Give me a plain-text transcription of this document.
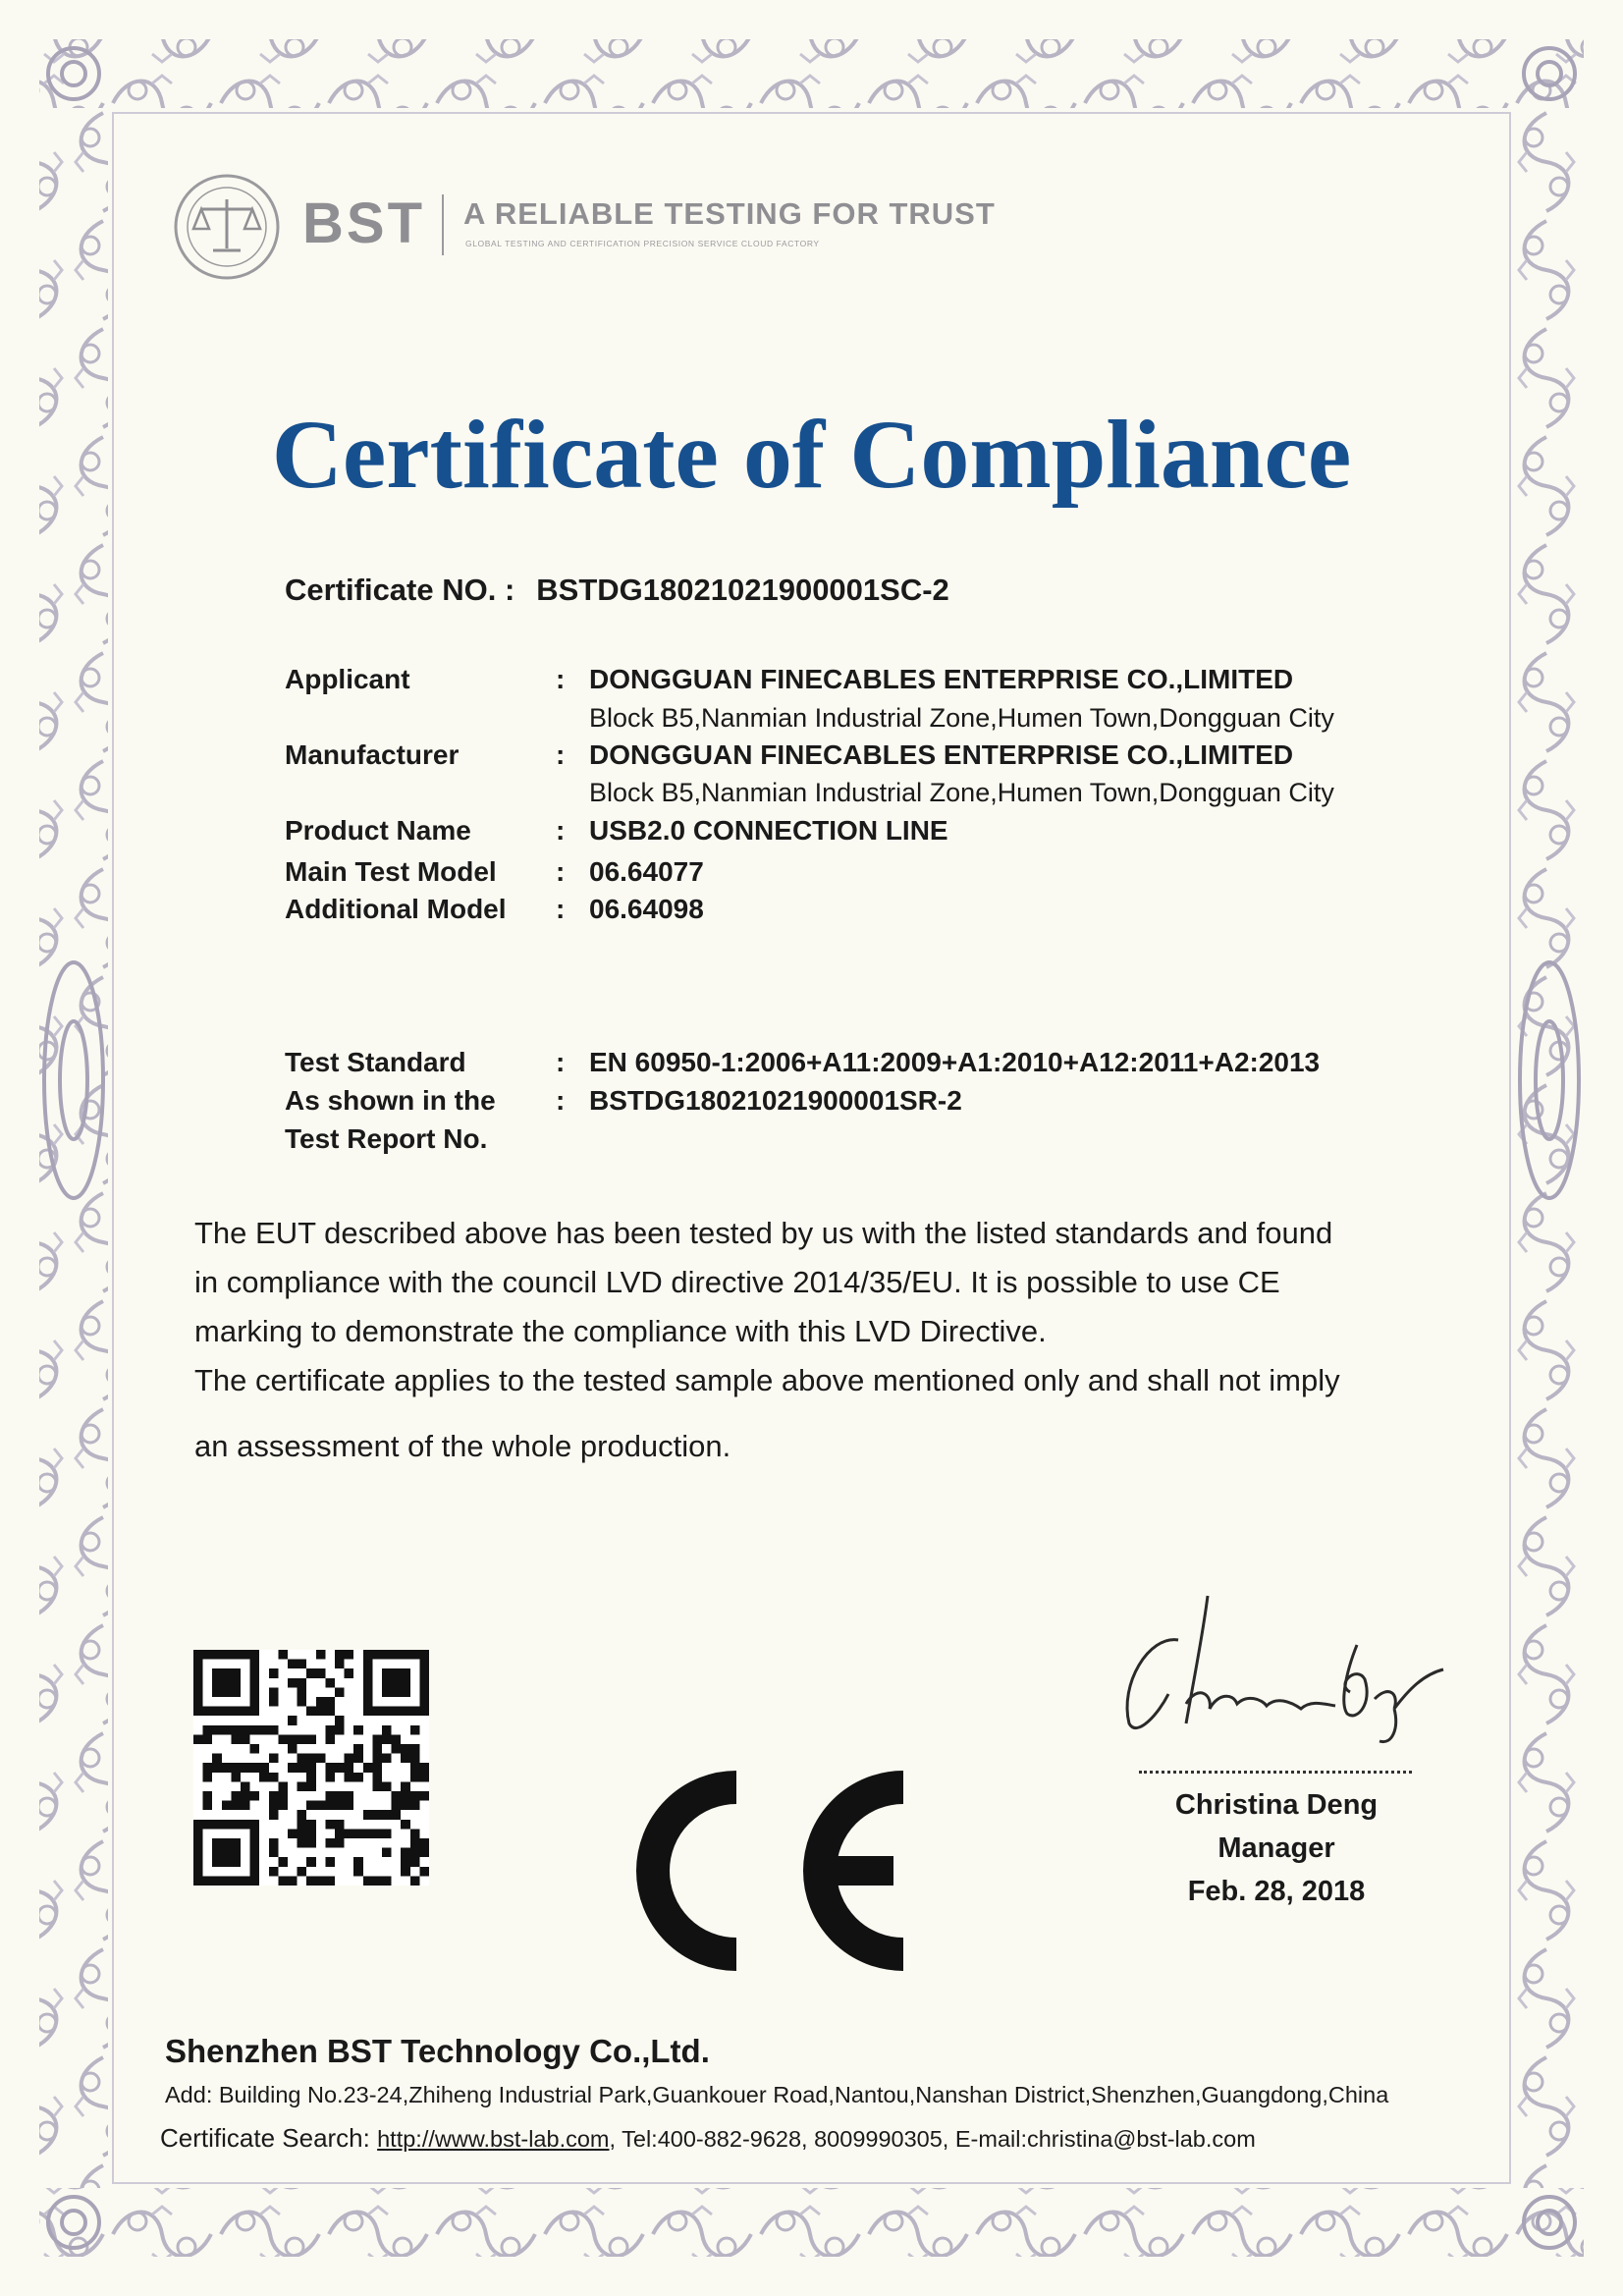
BST A RELIABLE TESTING FOR TRUST
GLOBAL TESTING AND CERTIFICATION PRECISION SERVICE CLOUD FACTORY
Certificate of Compliance
Certificate NO. : BSTDG18021021900001SC-2
Applicant	: DONGGUAN FINECABLES ENTERPRISE CO.,LIMITED
Block B5,Nanmian Industrial Zone,Humen Town,Dongguan City
Manufacturer	: DONGGUAN FINECABLES ENTERPRISE CO.,LIMITED
Block B5,Nanmian Industrial Zone,Humen Town,Dongguan City
Product Name	: USB2.0 CONNECTION LINE
Main Test Model : 06.64077
Additional Model : 06.64098
Test Standard	: EN 60950-1:2006+A11:2009+A1:2010+A12:2011+A2:2013
As shown in the
Test Report No.
: BSTDG18021021900001SR-2
The EUT described above has been tested by us with the listed standards and found
in compliance with the council LVD directive 2014/35/EU. It is possible to use CE
marking to demonstrate the compliance with this LVD Directive.
The certificate applies to the tested sample above mentioned only and shall not imply
an assessment of the whole production.
Christina Deng
Manager
Feb. 28, 2018
Shenzhen BST Technology Co.,Ltd.
Add: Building No.23-24,Zhiheng Industrial Park,Guankouer Road,Nantou,Nanshan District,Shenzhen,Guangdong,China
Certificate Search: http://www.bst-lab.com, Tel:400-882-9628, 8009990305, E-mail:christina@bst-lab.com
